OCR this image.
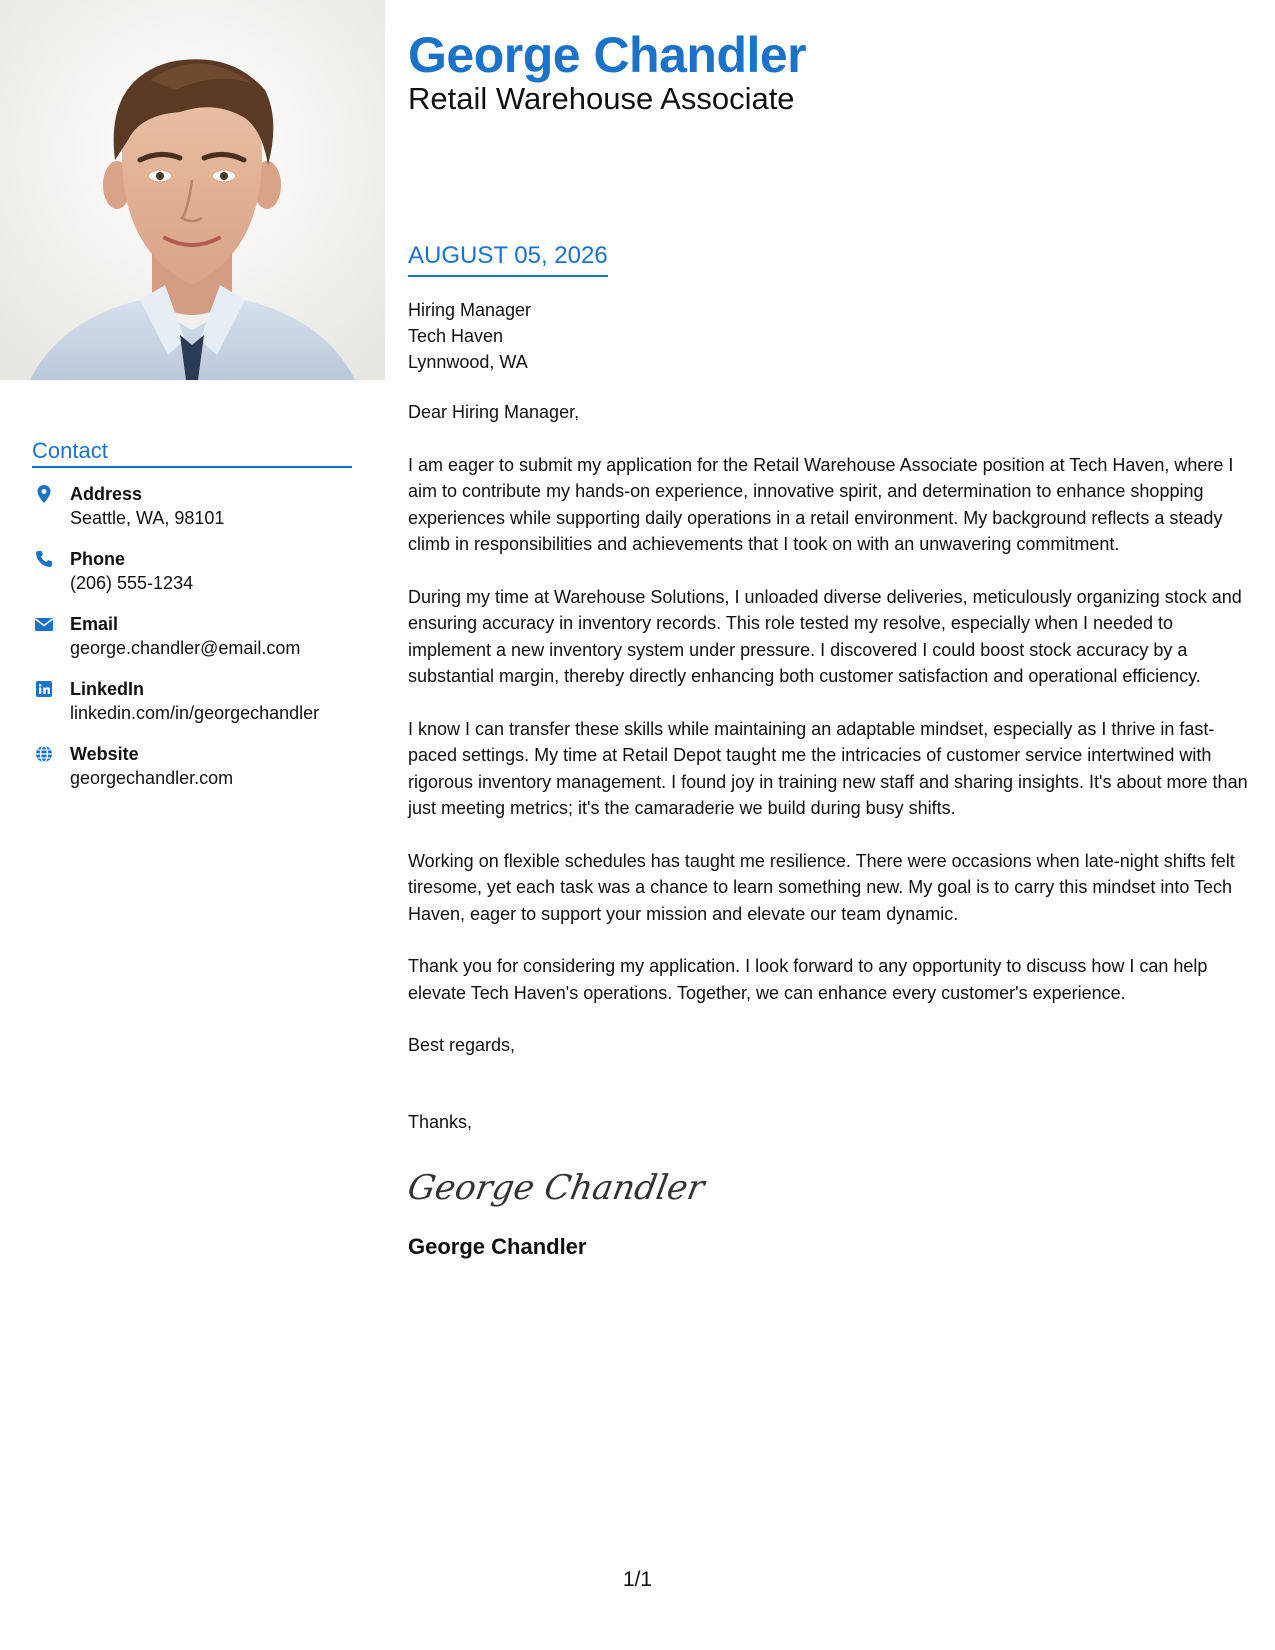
Contact
Address
Seattle, WA, 98101
Phone
(206) 555-1234
Email
george.chandler@email.com
LinkedIn
linkedin.com/in/georgechandler
Website
georgechandler.com
George Chandler
Retail Warehouse Associate
AUGUST 05, 2026
Hiring Manager
Tech Haven
Lynnwood, WA

Dear Hiring Manager,

I am eager to submit my application for the Retail Warehouse Associate position at Tech Haven, where I aim to contribute my hands-on experience, innovative spirit, and determination to enhance shopping experiences while supporting daily operations in a retail environment. My background reflects a steady climb in responsibilities and achievements that I took on with an unwavering commitment.

During my time at Warehouse Solutions, I unloaded diverse deliveries, meticulously organizing stock and ensuring accuracy in inventory records. This role tested my resolve, especially when I needed to implement a new inventory system under pressure. I discovered I could boost stock accuracy by a substantial margin, thereby directly enhancing both customer satisfaction and operational efficiency.

I know I can transfer these skills while maintaining an adaptable mindset, especially as I thrive in fast-paced settings. My time at Retail Depot taught me the intricacies of customer service intertwined with rigorous inventory management. I found joy in training new staff and sharing insights. It's about more than just meeting metrics; it's the camaraderie we build during busy shifts.

Working on flexible schedules has taught me resilience. There were occasions when late-night shifts felt tiresome, yet each task was a chance to learn something new. My goal is to carry this mindset into Tech Haven, eager to support your mission and elevate our team dynamic.

Thank you for considering my application. I look forward to any opportunity to discuss how I can help elevate Tech Haven's operations. Together, we can enhance every customer's experience.

Best regards,

Thanks,

George Chandler
George Chandler
1/1
